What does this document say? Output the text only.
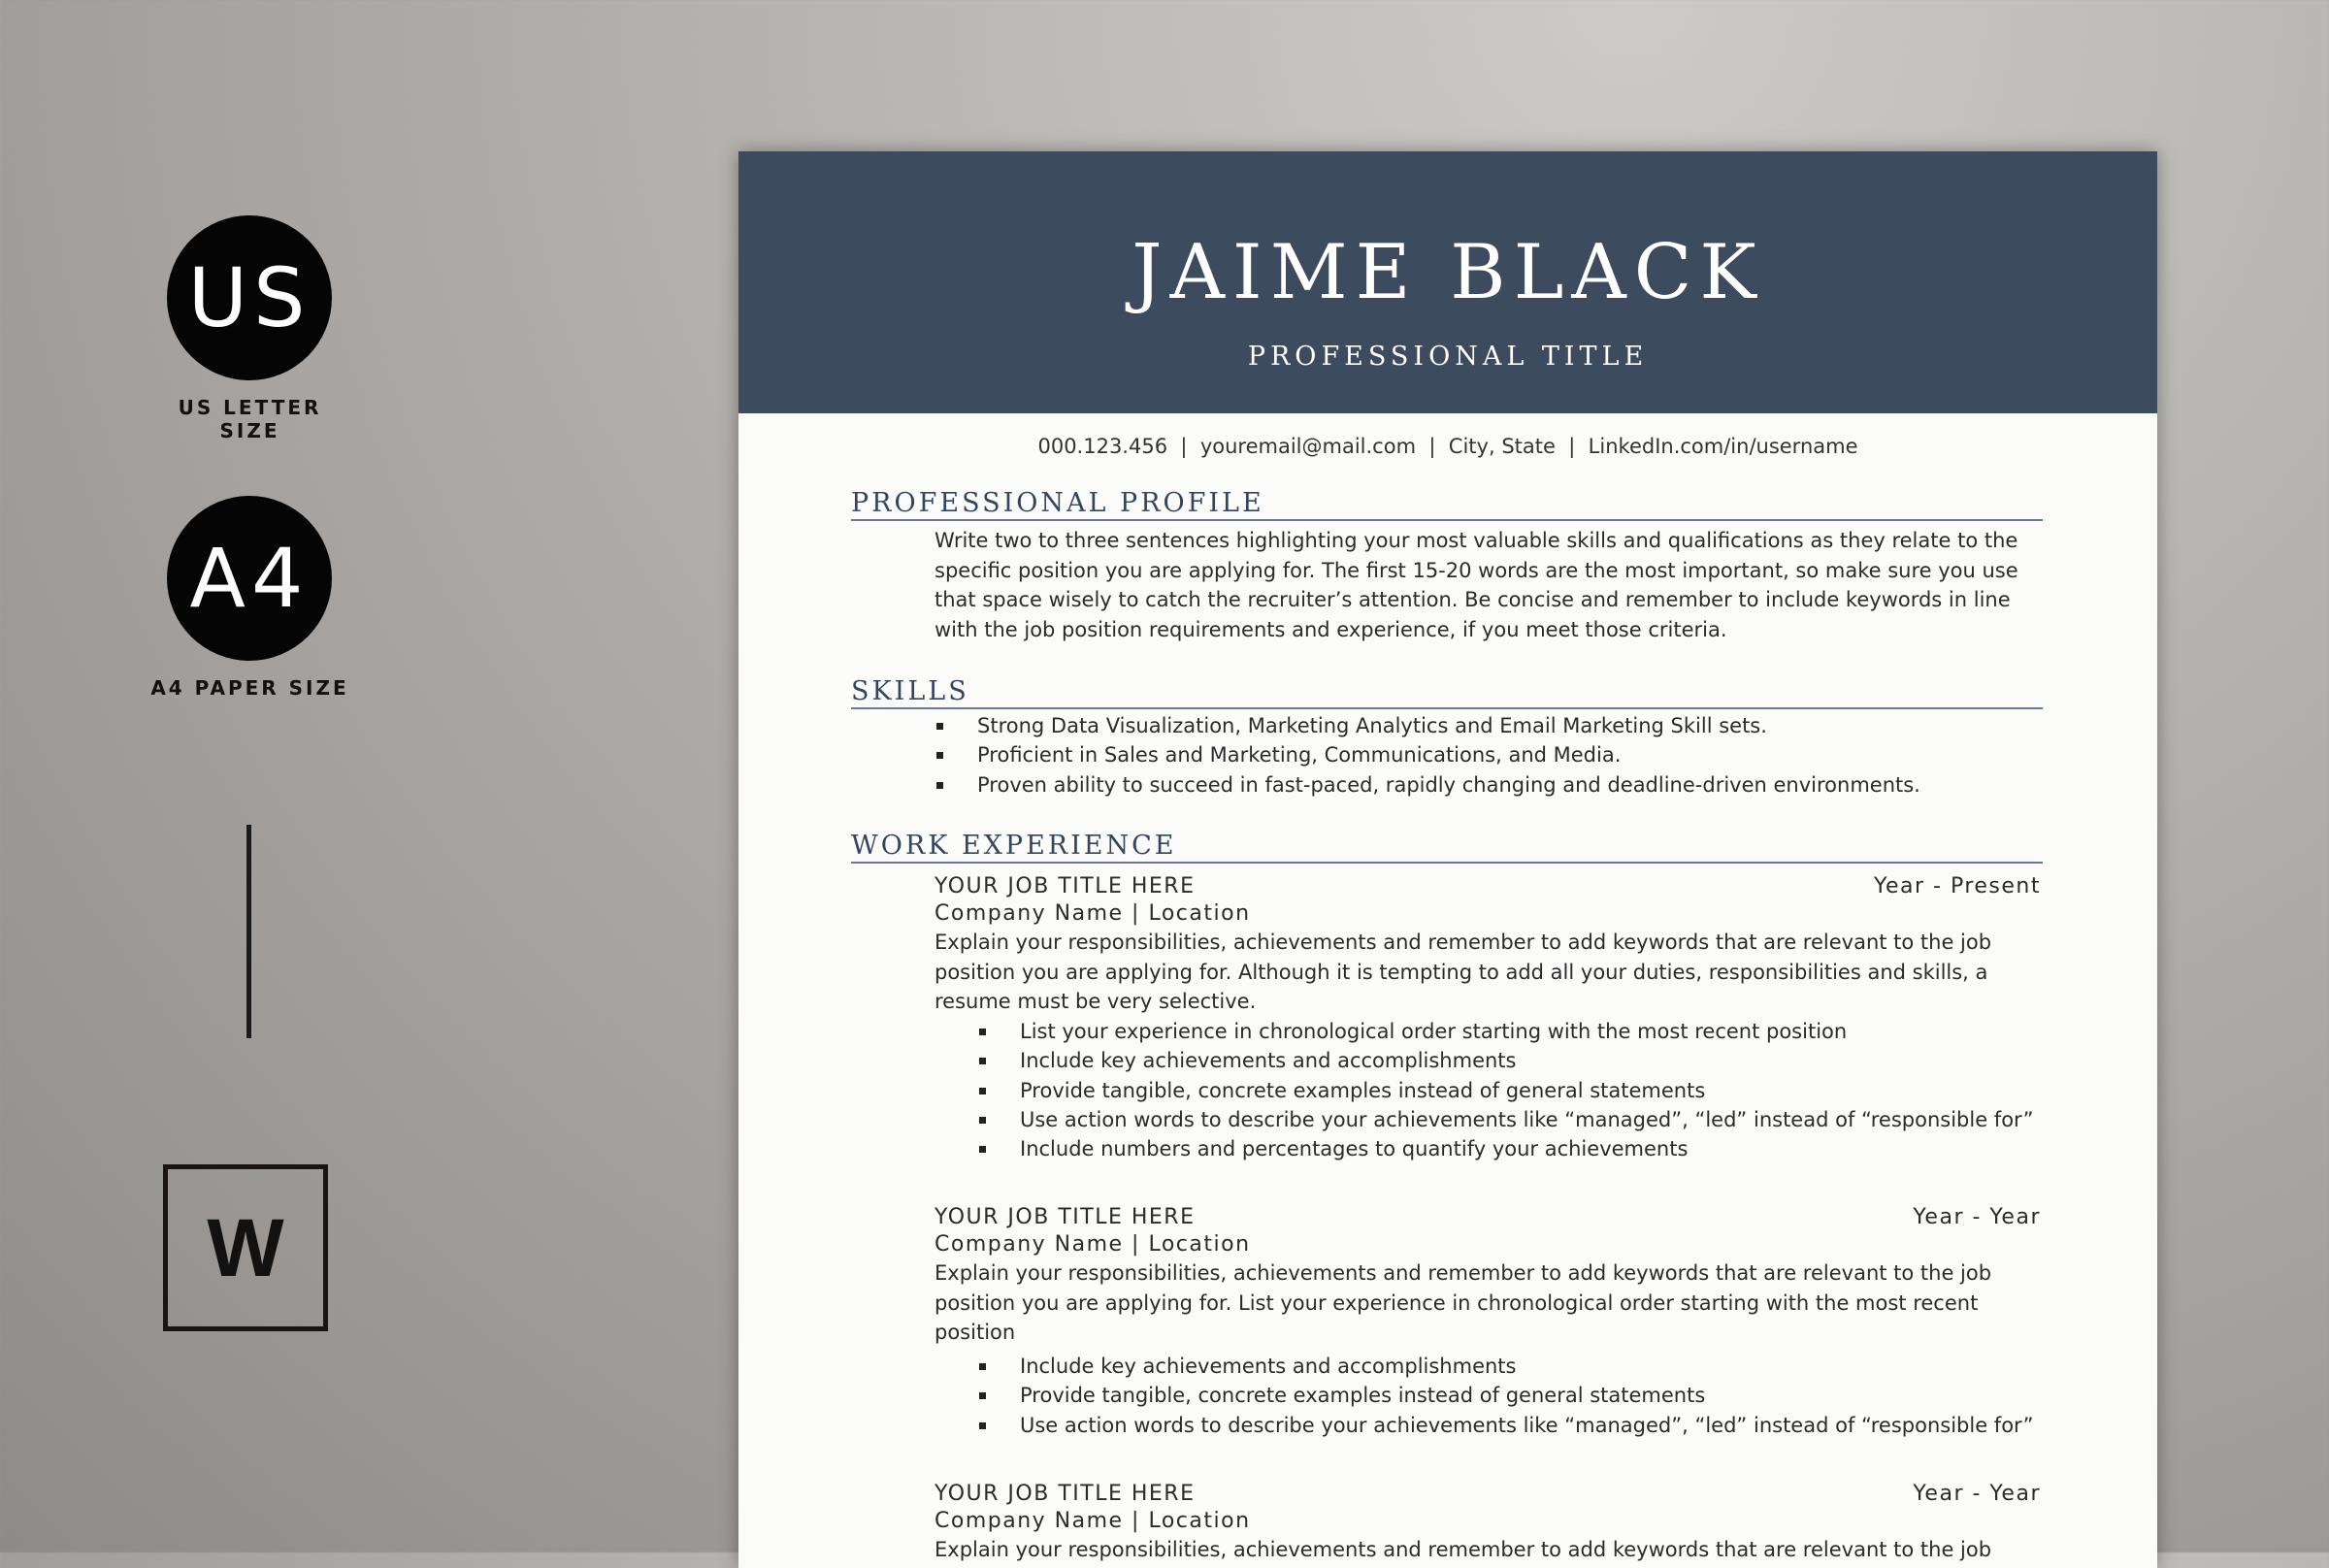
US
US LETTER SIZE
A4
A4 PAPER SIZE
W
JAIME BLACK
PROFESSIONAL TITLE
000.123.456  |  youremail@mail.com  |  City, State  |  LinkedIn.com/in/username
PROFESSIONAL PROFILE
Write two to three sentences highlighting your most valuable skills and qualifications as they relate to the specific position you are applying for. The first 15-20 words are the most important, so make sure you use that space wisely to catch the recruiter’s attention. Be concise and remember to include keywords in line with the job position requirements and experience, if you meet those criteria.
SKILLS
Strong Data Visualization, Marketing Analytics and Email Marketing Skill sets.
Proficient in Sales and Marketing, Communications, and Media.
Proven ability to succeed in fast-paced, rapidly changing and deadline-driven environments.
WORK EXPERIENCE
YOUR JOB TITLE HERE	Year - Present
Company Name | Location
Explain your responsibilities, achievements and remember to add keywords that are relevant to the job position you are applying for. Although it is tempting to add all your duties, responsibilities and skills, a resume must be very selective.
List your experience in chronological order starting with the most recent position
Include key achievements and accomplishments
Provide tangible, concrete examples instead of general statements
Use action words to describe your achievements like “managed”, “led” instead of “responsible for”
Include numbers and percentages to quantify your achievements
YOUR JOB TITLE HERE	Year - Year
Company Name | Location
Explain your responsibilities, achievements and remember to add keywords that are relevant to the job position you are applying for. List your experience in chronological order starting with the most recent position
Include key achievements and accomplishments
Provide tangible, concrete examples instead of general statements
Use action words to describe your achievements like “managed”, “led” instead of “responsible for”
YOUR JOB TITLE HERE	Year - Year
Company Name | Location
Explain your responsibilities, achievements and remember to add keywords that are relevant to the job
